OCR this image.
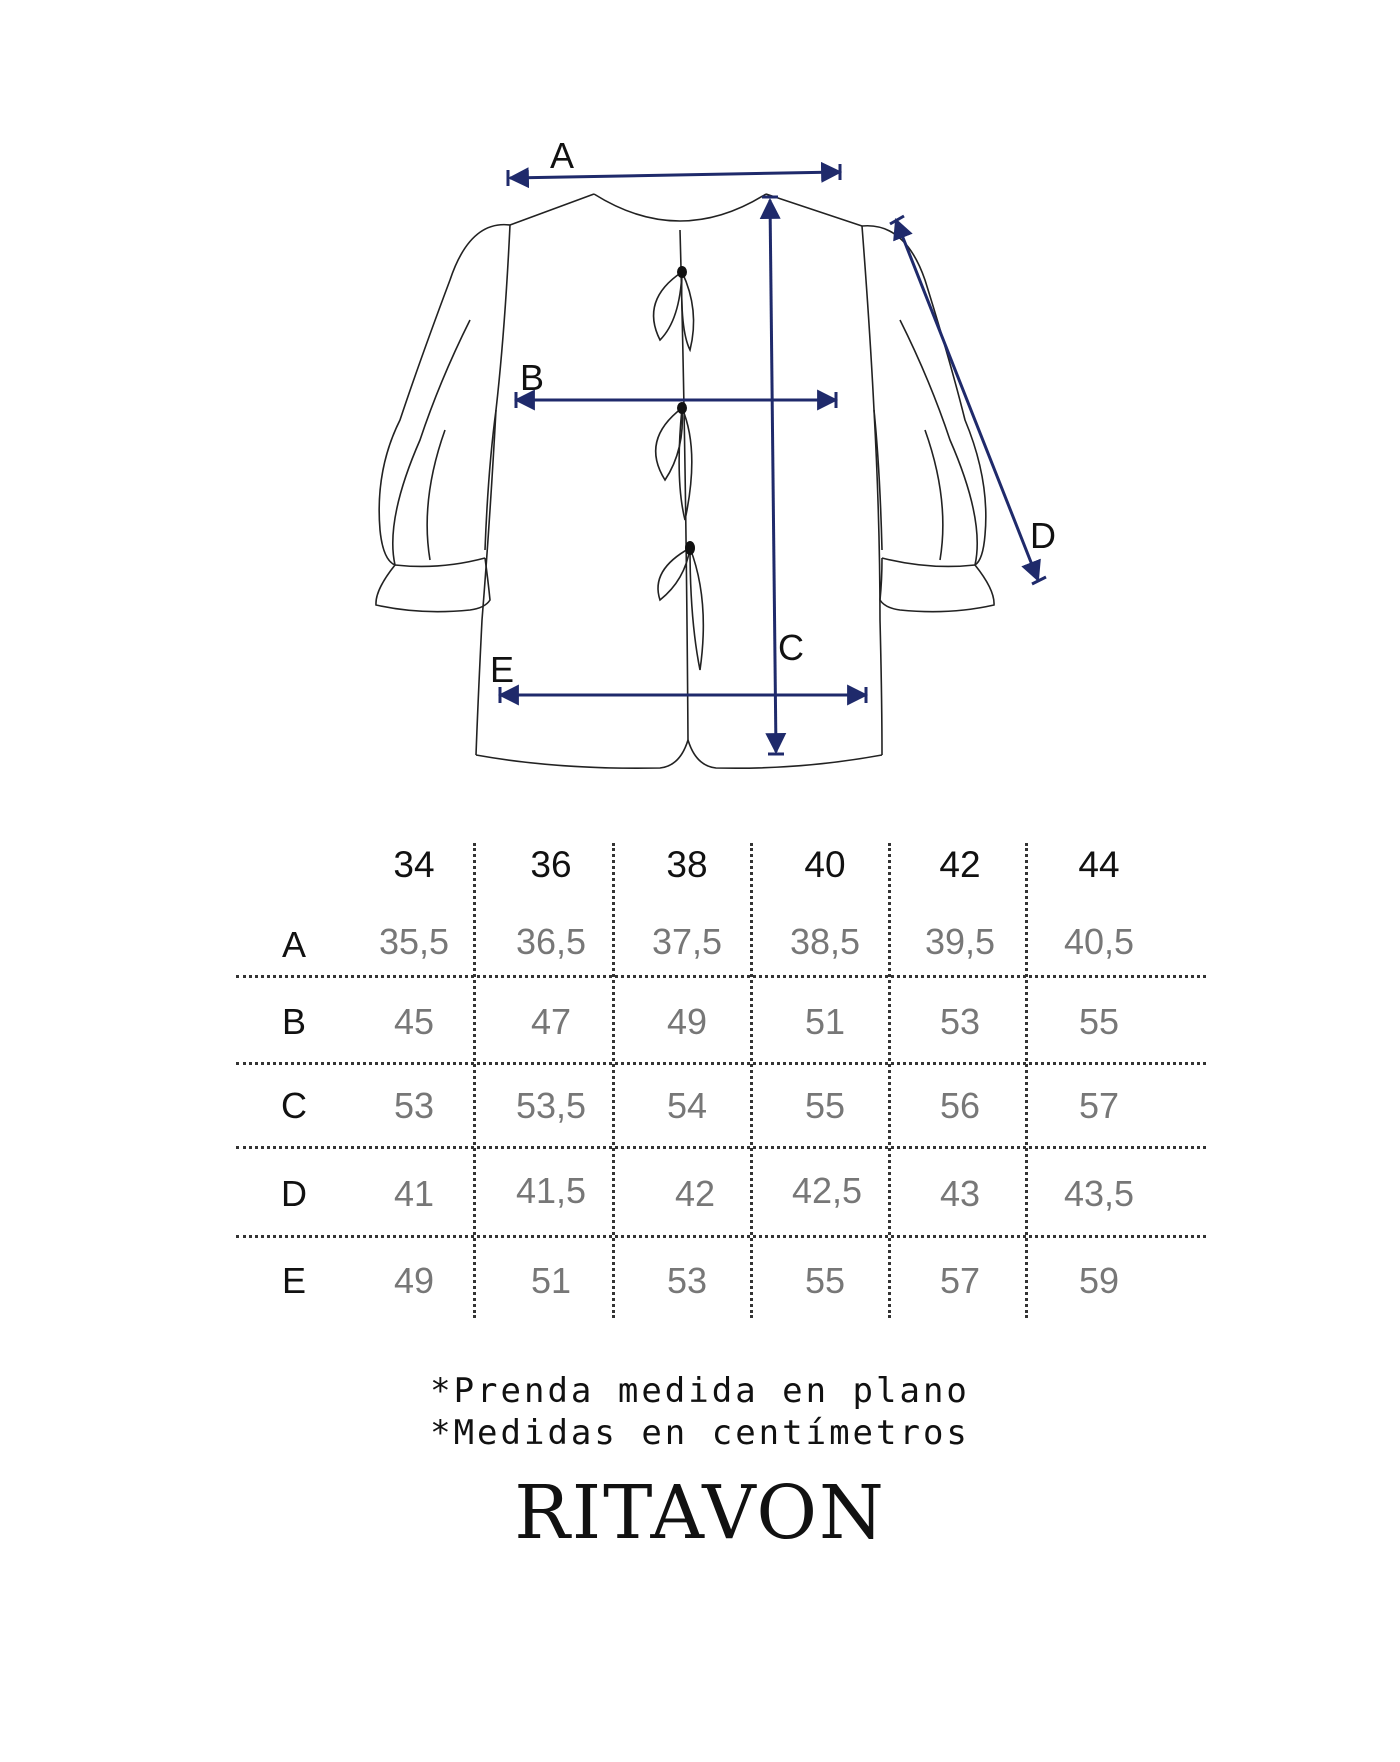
A
B
C
D
E
34	36	38	40	42	44
A	35,5	36,5	37,5	38,5	39,5	40,5
B	45	47	49	51	53	55
C	53	53,5	54	55	56	57
D	41	41,5	42	42,5	43	43,5
E	49	51	53	55	57	59
*Prenda medida en plano
*Medidas en centímetros
RITAVON
